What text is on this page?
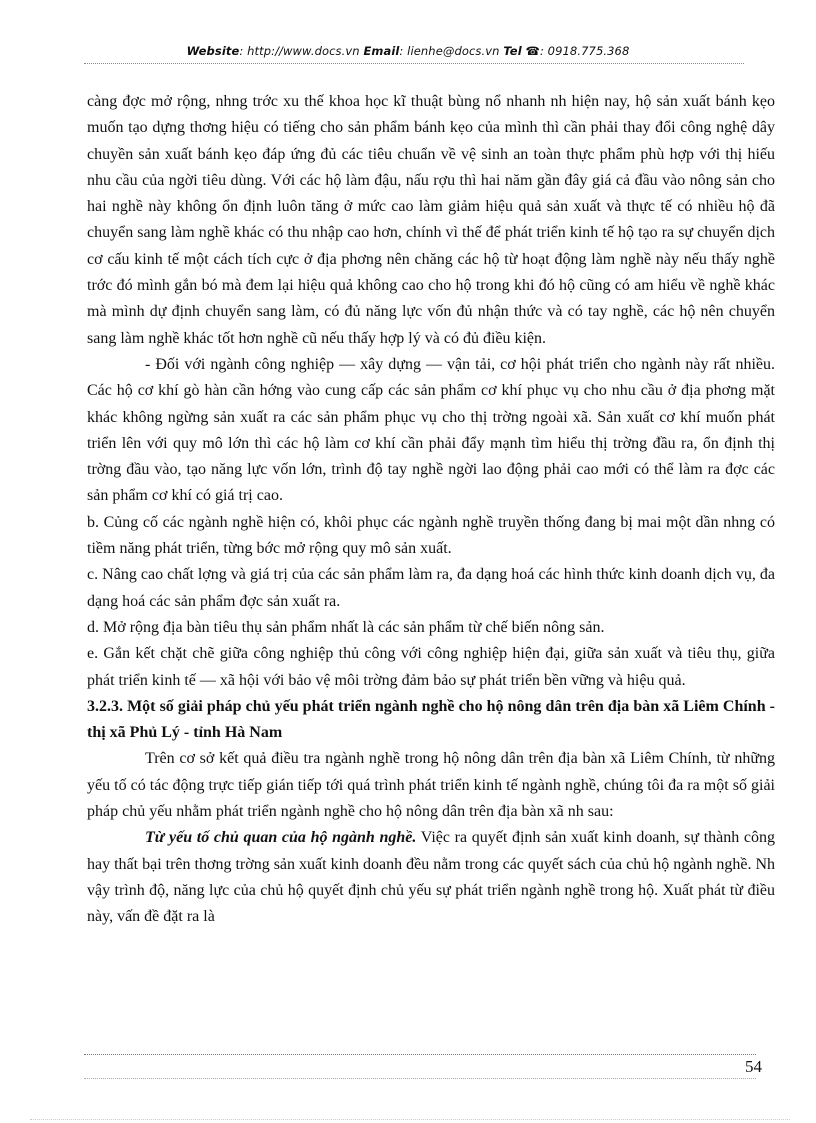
Website: http://www.docs.vn Email: lienhe@docs.vn Tel ☎: 0918.775.368

càng đợc mở rộng, nhng trớc xu thế khoa học kĩ thuật bùng nổ nhanh nh hiện nay, hộ sản xuất bánh kẹo muốn tạo dựng thơng hiệu có tiếng cho sản phẩm bánh kẹo của mình thì cần phải thay đổi công nghệ dây chuyền sản xuất bánh kẹo đáp ứng đủ các tiêu chuẩn về vệ sinh an toàn thực phẩm phù hợp với thị hiếu nhu cầu của ngời tiêu dùng. Với các hộ làm đậu, nấu rợu thì hai năm gần đây giá cả đầu vào nông sản cho hai nghề này không ổn định luôn tăng ở mức cao làm giảm hiệu quả sản xuất và thực tế có nhiều hộ đã chuyển sang làm nghề khác có thu nhập cao hơn, chính vì thế để phát triển kinh tế hộ tạo ra sự chuyển dịch cơ cấu kinh tế một cách tích cực ở địa phơng nên chăng các hộ từ hoạt động làm nghề này nếu thấy nghề trớc đó mình gắn bó mà đem lại hiệu quả không cao cho hộ trong khi đó hộ cũng có am hiểu về nghề khác mà mình dự định chuyển sang làm, có đủ năng lực vốn đủ nhận thức và có tay nghề, các hộ nên chuyển sang làm nghề khác tốt hơn nghề cũ nếu thấy hợp lý và có đủ điều kiện.

- Đối với ngành công nghiệp — xây dựng — vận tải, cơ hội phát triển cho ngành này rất nhiều. Các hộ cơ khí gò hàn cần hớng vào cung cấp các sản phẩm cơ khí phục vụ cho nhu cầu ở địa phơng mặt khác không ngừng sản xuất ra các sản phẩm phục vụ cho thị trờng ngoài xã. Sản xuất cơ khí muốn phát triển lên với quy mô lớn thì các hộ làm cơ khí cần phải đẩy mạnh tìm hiểu thị trờng đầu ra, ổn định thị trờng đầu vào, tạo năng lực vốn lớn, trình độ tay nghề ngời lao động phải cao mới có thể làm ra đợc các sản phẩm cơ khí có giá trị cao.

b. Củng cố các ngành nghề hiện có, khôi phục các ngành nghề truyền thống đang bị mai một dần nhng có tiềm năng phát triển, từng bớc mở rộng quy mô sản xuất.

c. Nâng cao chất lợng và giá trị của các sản phẩm làm ra, đa dạng hoá các hình thức kinh doanh dịch vụ, đa dạng hoá các sản phẩm đợc sản xuất ra.

d. Mở rộng địa bàn tiêu thụ sản phẩm nhất là các sản phẩm từ chế biến nông sản.

e. Gắn kết chặt chẽ giữa công nghiệp thủ công với công nghiệp hiện đại, giữa sản xuất và tiêu thụ, giữa phát triển kinh tế — xã hội với bảo vệ môi trờng đảm bảo sự phát triển bền vững và hiệu quả.

3.2.3. Một số giải pháp chủ yếu phát triển ngành nghề cho hộ nông dân trên địa bàn xã Liêm Chính - thị xã Phủ Lý - tỉnh Hà Nam

Trên cơ sở kết quả điều tra ngành nghề trong hộ nông dân trên địa bàn xã Liêm Chính, từ những yếu tố có tác động trực tiếp gián tiếp tới quá trình phát triển kinh tế ngành nghề, chúng tôi đa ra một số giải pháp chủ yếu nhằm phát triển ngành nghề cho hộ nông dân trên địa bàn xã nh sau:

Từ yếu tố chủ quan của hộ ngành nghề. Việc ra quyết định sản xuất kinh doanh, sự thành công hay thất bại trên thơng trờng sản xuất kinh doanh đều nằm trong các quyết sách của chủ hộ ngành nghề. Nh vậy trình độ, năng lực của chủ hộ quyết định chủ yếu sự phát triển ngành nghề trong hộ. Xuất phát từ điều này, vấn đề đặt ra là

54
